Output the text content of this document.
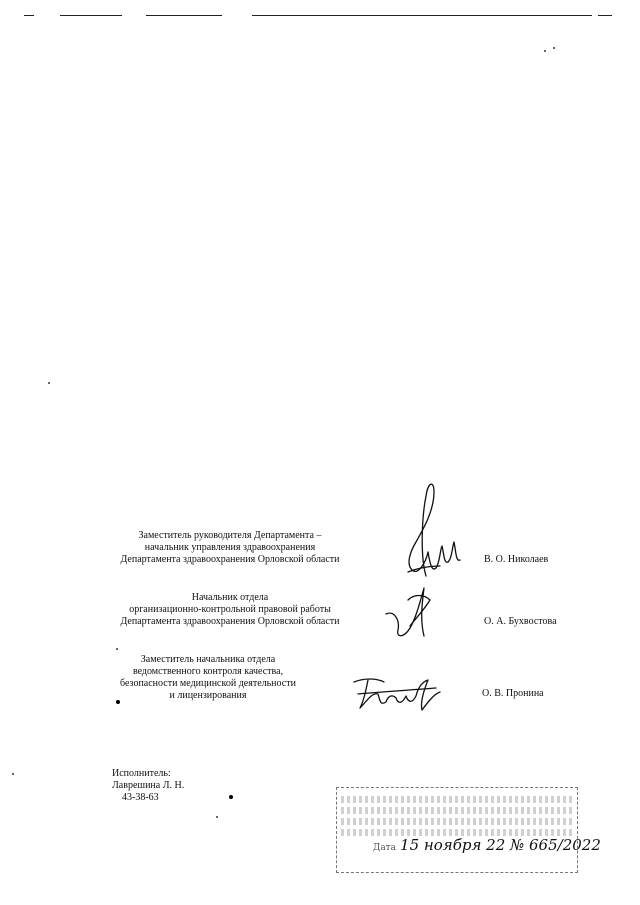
Заместитель руководителя Департамента –
начальник управления здравоохранения
Департамента здравоохранения Орловской области	В. О. Николаев
Начальник отдела
организационно-контрольной правовой работы
Департамента здравоохранения Орловской области	О. А. Бухвостова
Заместитель начальника отдела
ведомственного контроля качества,
безопасности медицинской деятельности
и лицензирования	О. В. Пронина
Исполнитель:
Лаврешина Л. Н.
43-38-63
Дата 15 ноября 22 № 665/2022
